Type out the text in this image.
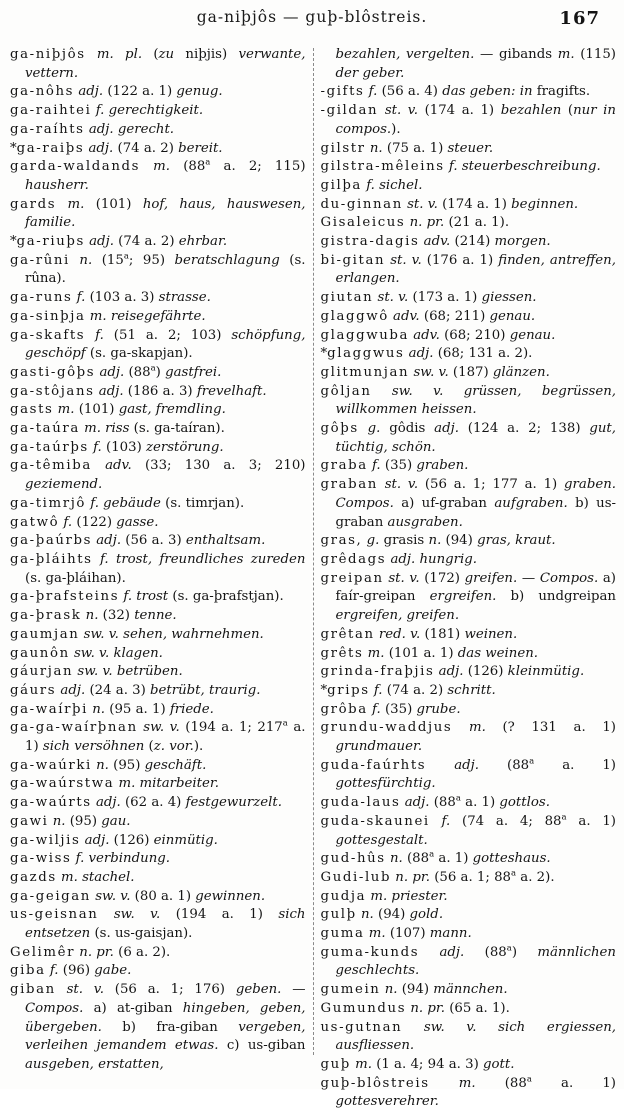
ga-niþjôs — guþ-blôstreis.	167

ga-niþjôs m. pl. (zu niþjis) verwante, vettern.

ga-nôhs adj. (122 a. 1) genug.

ga-raihtei f. gerechtigkeit.

ga-raíhts adj. gerecht.

*ga-raiþs adj. (74 a. 2) bereit.

garda-waldands m. (88$^a$ a. 2; 115) hausherr.

gards m. (101) hof, haus, hauswesen, familie.

*ga-riuþs adj. (74 a. 2) ehrbar.

ga-rûni n. (15$^a$; 95) beratschlagung (s. rûna).

ga-runs f. (103 a. 3) strasse.

ga-sinþja m. reisegefährte.

ga-skafts f. (51 a. 2; 103) schöpfung, geschöpf (s. ga-skapjan).

gasti-gôþs adj. (88$^a$) gastfrei.

ga-stôjans adj. (186 a. 3) frevelhaft.

gasts m. (101) gast, fremdling.

ga-taúra m. riss (s. ga-taíran).

ga-taúrþs f. (103) zerstörung.

ga-têmiba adv. (33; 130 a. 3; 210) geziemend.

ga-timrjô f. gebäude (s. timrjan).

gatwô f. (122) gasse.

ga-þaúrbs adj. (56 a. 3) enthaltsam.

ga-þláihts f. trost, freundliches zureden (s. ga-þláihan).

ga-þrafsteins f. trost (s. ga-þrafstjan).

ga-þrask n. (32) tenne.

gaumjan sw. v. sehen, wahrnehmen.

gaunôn sw. v. klagen.

gáurjan sw. v. betrüben.

gáurs adj. (24 a. 3) betrübt, traurig.

ga-waírþi n. (95 a. 1) friede.

ga-ga-waírþnan sw. v. (194 a. 1; 217$^a$ a. 1) sich versöhnen (z. vor.).

ga-waúrki n. (95) geschäft.

ga-waúrstwa m. mitarbeiter.

ga-waúrts adj. (62 a. 4) festgewurzelt.

gawi n. (95) gau.

ga-wiljis adj. (126) einmütig.

ga-wiss f. verbindung.

gazds m. stachel.

ga-geigan sw. v. (80 a. 1) gewinnen.

us-geisnan sw. v. (194 a. 1) sich entsetzen (s. us-gaisjan).

Gelimêr n. pr. (6 a. 2).

giba f. (96) gabe.

giban st. v. (56 a. 1; 176) geben. — Compos. a) at-giban hingeben, geben, übergeben. b) fra-giban vergeben, verleihen jemandem etwas. c) us-giban ausgeben, erstatten,

bezahlen, vergelten. — gibands m. (115) der geber.

-gifts f. (56 a. 4) das geben: in fragifts.

-gildan st. v. (174 a. 1) bezahlen (nur in compos.).

gilstr n. (75 a. 1) steuer.

gilstra-mêleins f. steuerbeschreibung.

gilþa f. sichel.

du-ginnan st. v. (174 a. 1) beginnen.

Gisaleicus n. pr. (21 a. 1).

gistra-dagis adv. (214) morgen.

bi-gitan st. v. (176 a. 1) finden, antreffen, erlangen.

giutan st. v. (173 a. 1) giessen.

glaggwô adv. (68; 211) genau.

glaggwuba adv. (68; 210) genau.

*glaggwus adj. (68; 131 a. 2).

glitmunjan sw. v. (187) glänzen.

gôljan sw. v. grüssen, begrüssen, willkommen heissen.

gôþs g. gôdis adj. (124 a. 2; 138) gut, tüchtig, schön.

graba f. (35) graben.

graban st. v. (56 a. 1; 177 a. 1) graben. Compos. a) uf-graban aufgraben. b) us-graban ausgraben.

gras, g. grasis n. (94) gras, kraut.

grêdags adj. hungrig.

greipan st. v. (172) greifen. — Compos. a) faír-greipan ergreifen. b) undgreipan ergreifen, greifen.

grêtan red. v. (181) weinen.

grêts m. (101 a. 1) das weinen.

grinda-fraþjis adj. (126) kleinmütig.

*grips f. (74 a. 2) schritt.

grôba f. (35) grube.

grundu-waddjus m. (? 131 a. 1) grundmauer.

guda-faúrhts adj. (88$^a$ a. 1) gottesfürchtig.

guda-laus adj. (88$^a$ a. 1) gottlos.

guda-skaunei f. (74 a. 4; 88$^a$ a. 1) gottesgestalt.

gud-hûs n. (88$^a$ a. 1) gotteshaus.

Gudi-lub n. pr. (56 a. 1; 88$^a$ a. 2).

gudja m. priester.

gulþ n. (94) gold.

guma m. (107) mann.

guma-kunds adj. (88$^a$) männlichen geschlechts.

gumein n. (94) männchen.

Gumundus n. pr. (65 a. 1).

us-gutnan sw. v. sich ergiessen, ausfliessen.

guþ m. (1 a. 4; 94 a. 3) gott.

guþ-blôstreis m. (88$^a$ a. 1) gottesverehrer.
